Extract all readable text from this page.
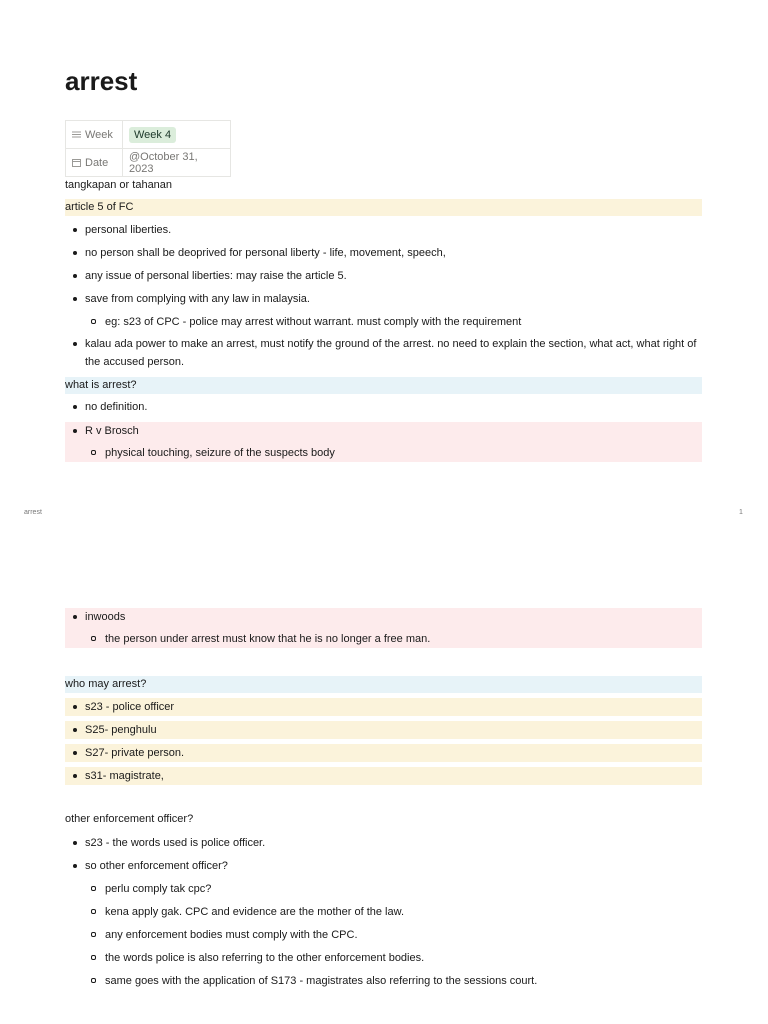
arrest
Week	Week 4

Date	@October 31, 2023
tangkapan or tahanan
article 5 of FC
personal liberties.
no person shall be deoprived for personal liberty - life, movement, speech,
any issue of personal liberties: may raise the article 5.
save from complying with any law in malaysia.
eg: s23 of CPC - police may arrest without warrant. must comply with the requirement
kalau ada power to make an arrest, must notify the ground of the arrest. no need to explain the section, what act, what right of the accused person.
what is arrest?
no definition.
R v Brosch
physical touching, seizure of the suspects body
arrest	1
inwoods
the person under arrest must know that he is no longer a free man.
who may arrest?
s23 - police officer
S25- penghulu
S27- private person.
s31- magistrate,
other enforcement officer?
s23 - the words used is police officer.
so other enforcement officer?
perlu comply tak cpc?
kena apply gak. CPC and evidence are the mother of the law.
any enforcement bodies must comply with the CPC.
the words police is also referring to the other enforcement bodies.
same goes with the application of S173 - magistrates also referring to the sessions court.
